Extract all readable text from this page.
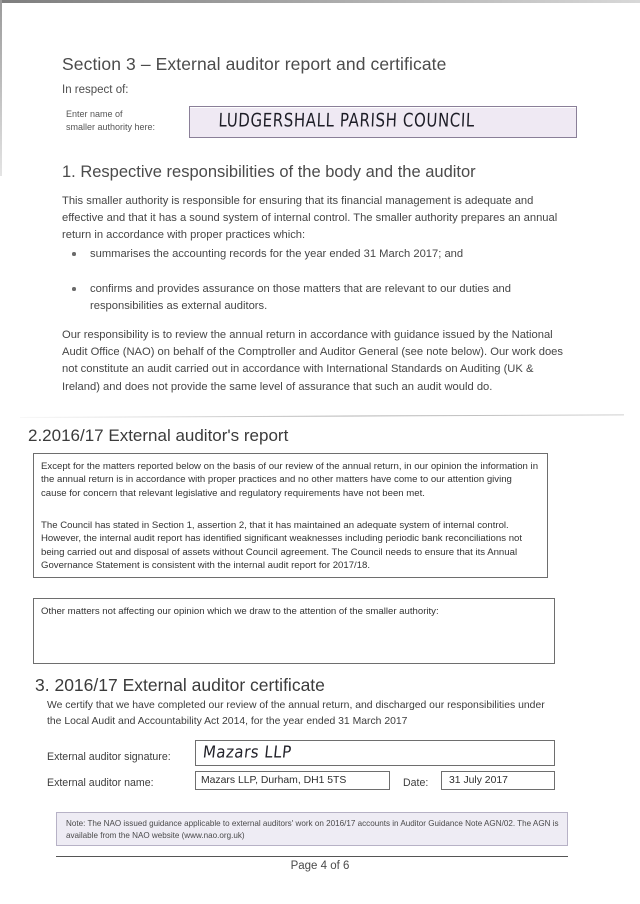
Section 3 – External auditor report and certificate
In respect of:
Enter name of
smaller authority here:	LUDGERSHALL PARISH COUNCIL
1. Respective responsibilities of the body and the auditor
This smaller authority is responsible for ensuring that its financial management is adequate and effective and that it has a sound system of internal control. The smaller authority prepares an annual return in accordance with proper practices which:
summarises the accounting records for the year ended 31 March 2017; and
confirms and provides assurance on those matters that are relevant to our duties and responsibilities as external auditors.
Our responsibility is to review the annual return in accordance with guidance issued by the National Audit Office (NAO) on behalf of the Comptroller and Auditor General (see note below). Our work does not constitute an audit carried out in accordance with International Standards on Auditing (UK & Ireland) and does not provide the same level of assurance that such an audit would do.
2.2016/17 External auditor's report
Except for the matters reported below on the basis of our review of the annual return, in our opinion the information in the annual return is in accordance with proper practices and no other matters have come to our attention giving cause for concern that relevant legislative and regulatory requirements have not been met.
The Council has stated in Section 1, assertion 2, that it has maintained an adequate system of internal control. However, the internal audit report has identified significant weaknesses including periodic bank reconciliations not being carried out and disposal of assets without Council agreement. The Council needs to ensure that its Annual Governance Statement is consistent with the internal audit report for 2017/18.
Other matters not affecting our opinion which we draw to the attention of the smaller authority:
3. 2016/17 External auditor certificate
We certify that we have completed our review of the annual return, and discharged our responsibilities under the Local Audit and Accountability Act 2014, for the year ended 31 March 2017
External auditor signature: Mazars LLP
External auditor name:	Mazars LLP, Durham, DH1 5TS	Date: 31 July 2017
Note: The NAO issued guidance applicable to external auditors' work on 2016/17 accounts in Auditor Guidance Note AGN/02. The AGN is available from the NAO website (www.nao.org.uk)
Page 4 of 6
